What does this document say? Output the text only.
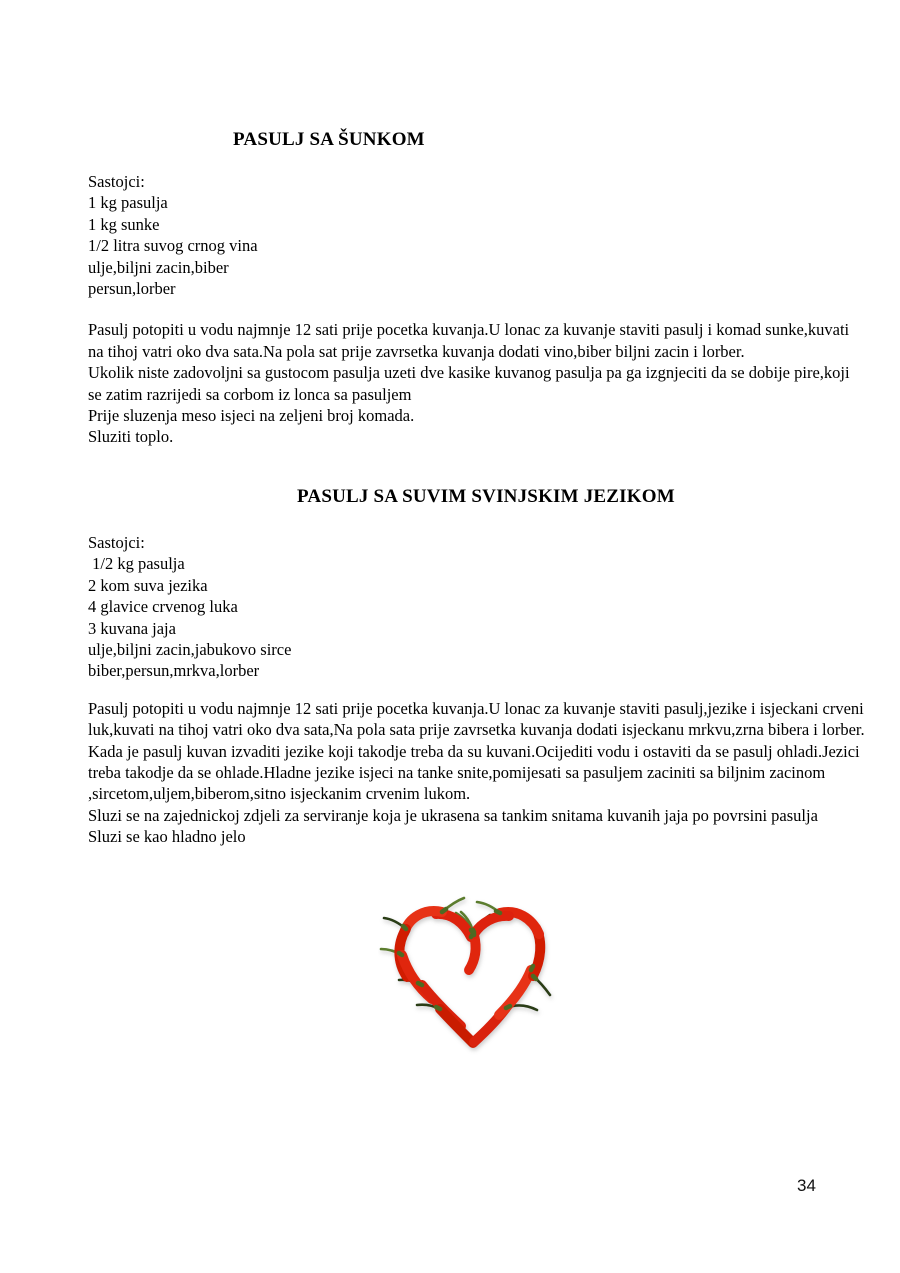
PASULJ SA ŠUNKOM
Sastojci:
1 kg pasulja
1 kg sunke
1/2 litra suvog crnog vina
ulje,biljni zacin,biber
persun,lorber

Pasulj potopiti u vodu najmnje 12 sati prije pocetka kuvanja.U lonac za kuvanje staviti pasulj i komad sunke,kuvati na tihoj vatri oko dva sata.Na pola sat prije zavrsetka kuvanja dodati vino,biber biljni zacin i lorber.

Ukolik niste zadovoljni sa gustocom pasulja uzeti dve kasike kuvanog pasulja pa ga izgnjeciti da se dobije pire,koji se zatim razrijedi sa corbom iz lonca sa pasuljem

Prije sluzenja meso isjeci na zeljeni broj komada.

Sluziti toplo.

PASULJ SA SUVIM SVINJSKIM JEZIKOM
Sastojci:
1/2 kg pasulja
2 kom suva jezika
4 glavice crvenog luka
3 kuvana jaja
ulje,biljni zacin,jabukovo sirce
biber,persun,mrkva,lorber

Pasulj potopiti u vodu najmnje 12 sati prije pocetka kuvanja.U lonac za kuvanje staviti pasulj,jezike i isjeckani crveni luk,kuvati na tihoj vatri oko dva sata,Na pola sata prije zavrsetka kuvanja dodati isjeckanu mrkvu,zrna bibera i lorber.

Kada je pasulj kuvan izvaditi jezike koji takodje treba da su kuvani.Ocijediti vodu i ostaviti da se pasulj ohladi.Jezici treba takodje da se ohlade.Hladne jezike isjeci na tanke snite,pomijesati sa pasuljem zaciniti sa biljnim zacinom ,sircetom,uljem,biberom,sitno isjeckanim crvenim lukom.

Sluzi se na zajednickoj zdjeli za serviranje koja je ukrasena sa tankim snitama kuvanih jaja po povrsini pasulja

Sluzi se kao hladno jelo

34
